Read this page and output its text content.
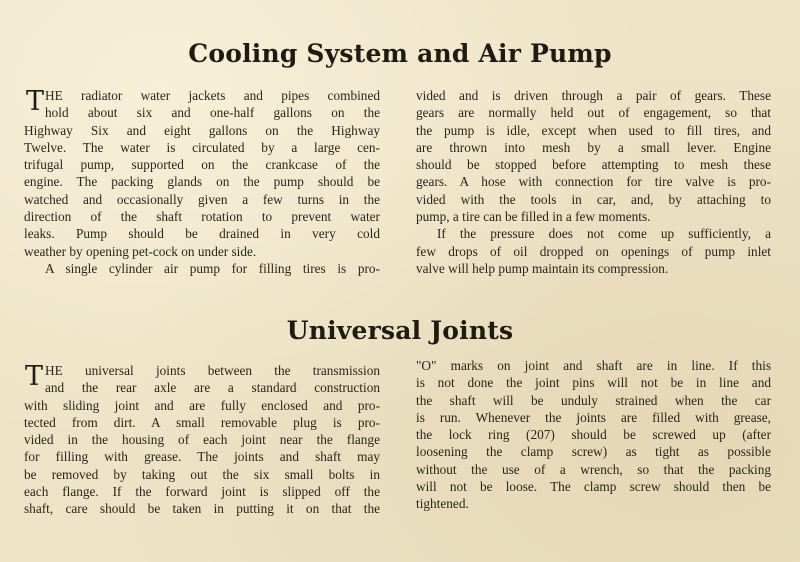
Cooling System and Air Pump
T HE radiator water jackets and pipes combined
hold about six and one-half gallons on the
Highway Six and eight gallons on the Highway
Twelve. The water is circulated by a large cen-
trifugal pump, supported on the crankcase of the
engine. The packing glands on the pump should be
watched and occasionally given a few turns in the
direction of the shaft rotation to prevent water
leaks. Pump should be drained in very cold
weather by opening pet-cock on under side.
A single cylinder air pump for filling tires is pro-
vided and is driven through a pair of gears. These
gears are normally held out of engagement, so that
the pump is idle, except when used to fill tires, and
are thrown into mesh by a small lever. Engine
should be stopped before attempting to mesh these
gears. A hose with connection for tire valve is pro-
vided with the tools in car, and, by attaching to
pump, a tire can be filled in a few moments.
If the pressure does not come up sufficiently, a
few drops of oil dropped on openings of pump inlet
valve will help pump maintain its compression.
Universal Joints
T HE universal joints between the transmission
and the rear axle are a standard construction
with sliding joint and are fully enclosed and pro-
tected from dirt. A small removable plug is pro-
vided in the housing of each joint near the flange
for filling with grease. The joints and shaft may
be removed by taking out the six small bolts in
each flange. If the forward joint is slipped off the
shaft, care should be taken in putting it on that the
"O" marks on joint and shaft are in line. If this
is not done the joint pins will not be in line and
the shaft will be unduly strained when the car
is run. Whenever the joints are filled with grease,
the lock ring (207) should be screwed up (after
loosening the clamp screw) as tight as possible
without the use of a wrench, so that the packing
will not be loose. The clamp screw should then be
tightened.
